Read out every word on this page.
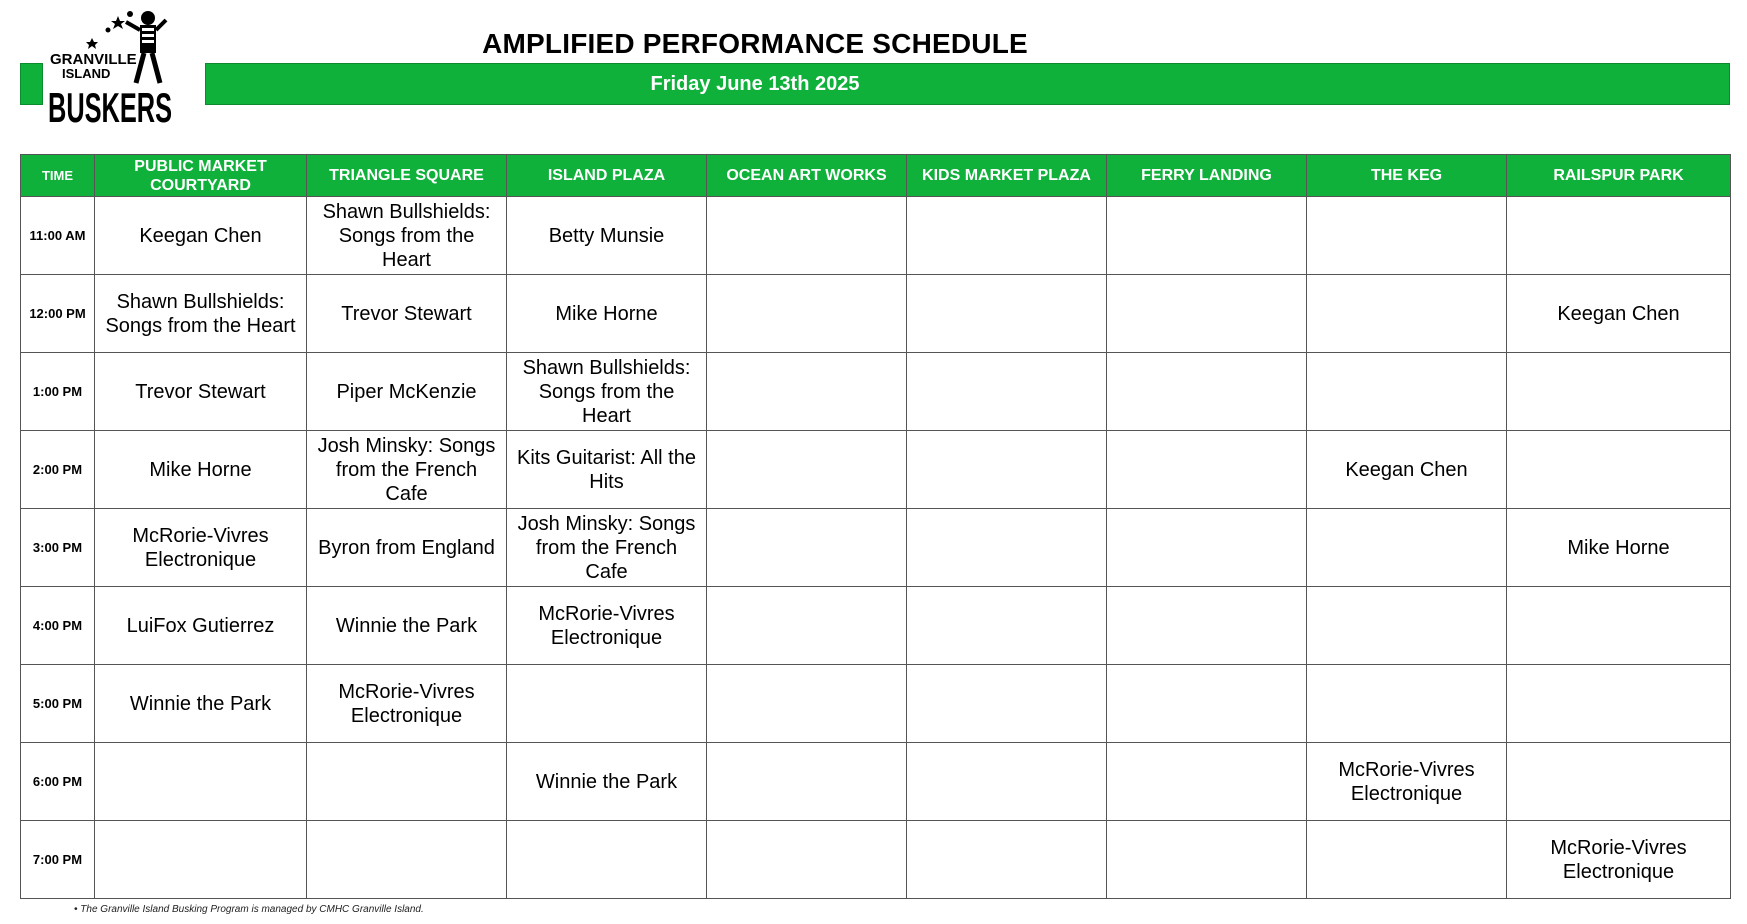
GRANVILLE
ISLAND
BUSKERS
AMPLIFIED PERFORMANCE SCHEDULE
Friday June 13th 2025
TIME	PUBLIC MARKET COURTYARD	TRIANGLE SQUARE	ISLAND PLAZA	OCEAN ART WORKS	KIDS MARKET PLAZA	FERRY LANDING	THE KEG	RAILSPUR PARK
11:00 AM	Keegan Chen	Shawn Bullshields: Songs from the Heart	Betty Munsie					
12:00 PM	Shawn Bullshields: Songs from the Heart	Trevor Stewart	Mike Horne					Keegan Chen
1:00 PM	Trevor Stewart	Piper McKenzie	Shawn Bullshields: Songs from the Heart					
2:00 PM	Mike Horne	Josh Minsky: Songs from the French Cafe	Kits Guitarist: All the Hits				Keegan Chen	
3:00 PM	McRorie-Vivres Electronique	Byron from England	Josh Minsky: Songs from the French Cafe					Mike Horne
4:00 PM	LuiFox Gutierrez	Winnie the Park	McRorie-Vivres Electronique					
5:00 PM	Winnie the Park	McRorie-Vivres Electronique						
6:00 PM			Winnie the Park				McRorie-Vivres Electronique	
7:00 PM								McRorie-Vivres Electronique
• The Granville Island Busking Program is managed by CMHC Granville Island.
